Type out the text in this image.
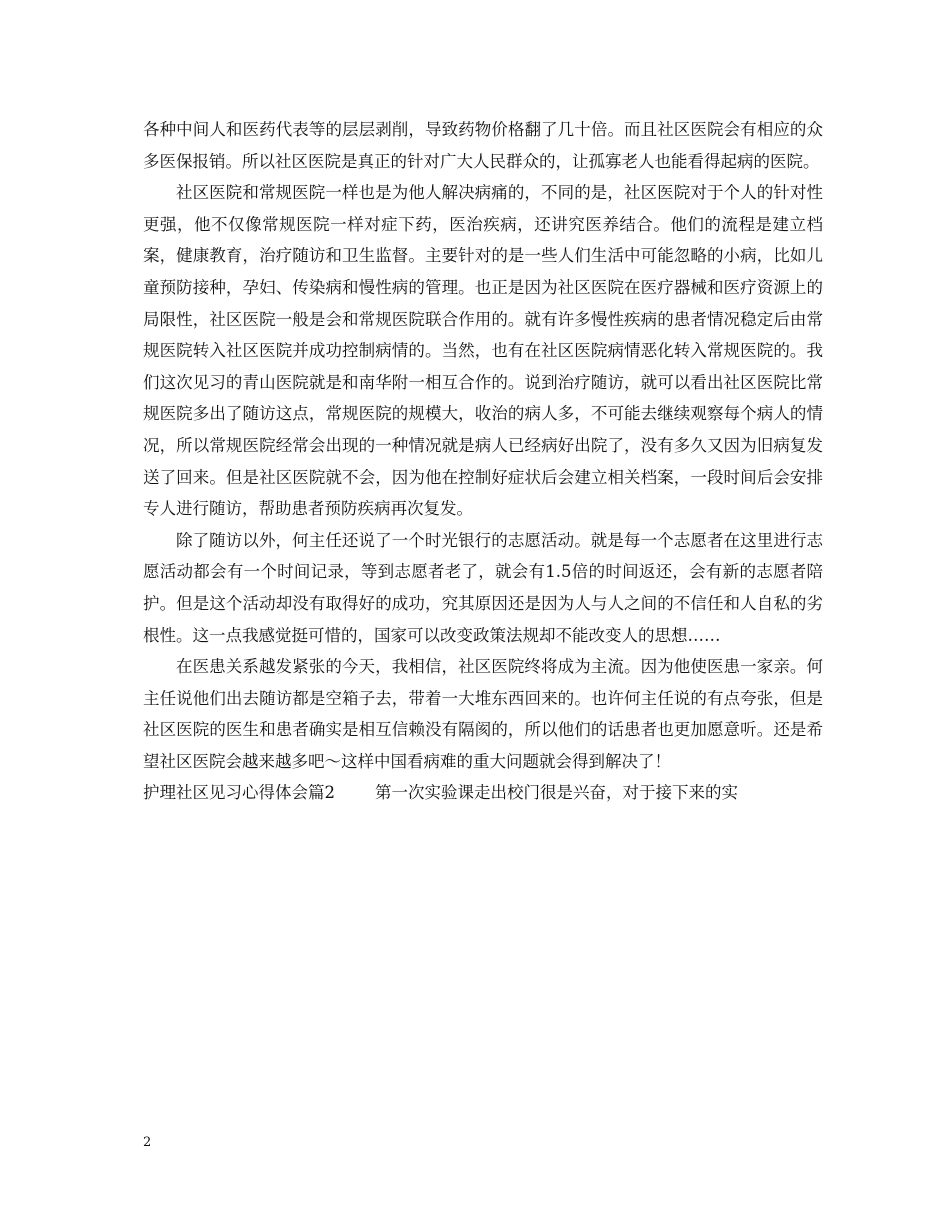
各种中间人和医药代表等的层层剥削，导致药物价格翻了几十倍。而且社区医院会有相应的众多医保报销。所以社区医院是真正的针对广大人民群众的，让孤寡老人也能看得起病的医院。

社区医院和常规医院一样也是为他人解决病痛的，不同的是，社区医院对于个人的针对性更强，他不仅像常规医院一样对症下药，医治疾病，还讲究医养结合。他们的流程是建立档案，健康教育，治疗随访和卫生监督。主要针对的是一些人们生活中可能忽略的小病，比如儿童预防接种，孕妇、传染病和慢性病的管理。也正是因为社区医院在医疗器械和医疗资源上的局限性，社区医院一般是会和常规医院联合作用的。就有许多慢性疾病的患者情况稳定后由常规医院转入社区医院并成功控制病情的。当然，也有在社区医院病情恶化转入常规医院的。我们这次见习的青山医院就是和南华附一相互合作的。说到治疗随访，就可以看出社区医院比常规医院多出了随访这点，常规医院的规模大，收治的病人多，不可能去继续观察每个病人的情况，所以常规医院经常会出现的一种情况就是病人已经病好出院了，没有多久又因为旧病复发送了回来。但是社区医院就不会，因为他在控制好症状后会建立相关档案，一段时间后会安排专人进行随访，帮助患者预防疾病再次复发。

除了随访以外，何主任还说了一个时光银行的志愿活动。就是每一个志愿者在这里进行志愿活动都会有一个时间记录，等到志愿者老了，就会有1.5倍的时间返还，会有新的志愿者陪护。但是这个活动却没有取得好的成功，究其原因还是因为人与人之间的不信任和人自私的劣根性。这一点我感觉挺可惜的，国家可以改变政策法规却不能改变人的思想……

在医患关系越发紧张的今天，我相信，社区医院终将成为主流。因为他使医患一家亲。何主任说他们出去随访都是空箱子去，带着一大堆东西回来的。也许何主任说的有点夸张，但是社区医院的医生和患者确实是相互信赖没有隔阂的，所以他们的话患者也更加愿意听。还是希望社区医院会越来越多吧～这样中国看病难的重大问题就会得到解决了！

护理社区见习心得体会篇2 第一次实验课走出校门很是兴奋，对于接下来的实

2
